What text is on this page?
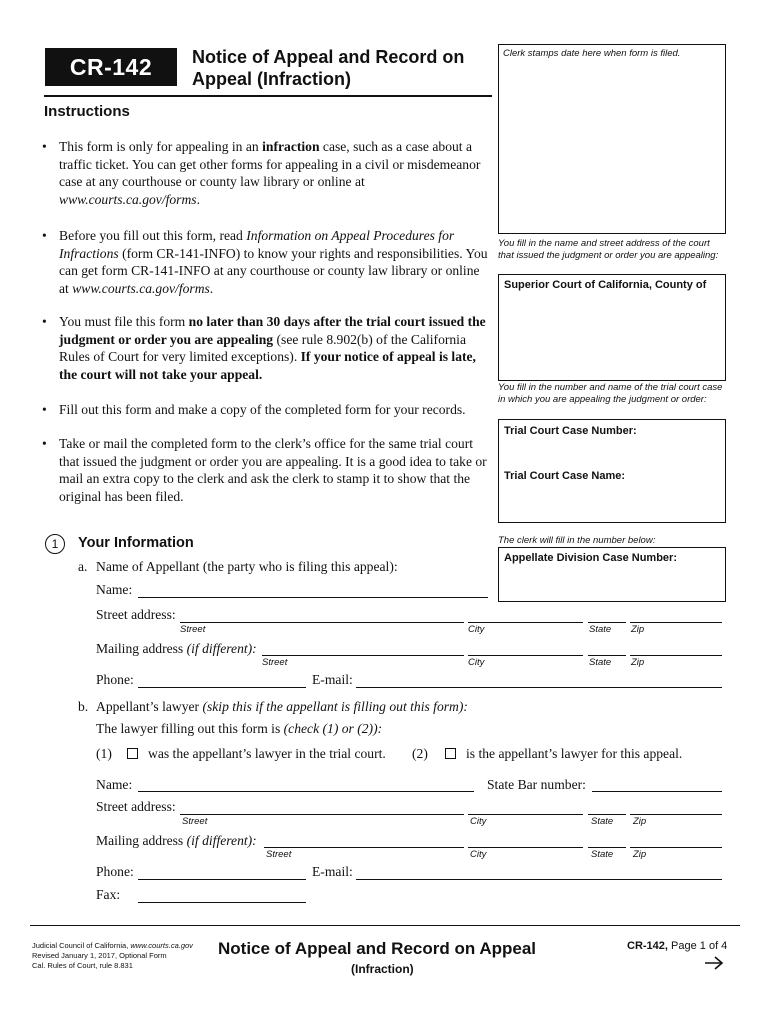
CR-142	Notice of Appeal and Record on Appeal (Infraction)
Clerk stamps date here when form is filed.
You fill in the name and street address of the court that issued the judgment or order you are appealing:
Superior Court of California, County of
You fill in the number and name of the trial court case in which you are appealing the judgment or order:
Trial Court Case Number:
Trial Court Case Name:
The clerk will fill in the number below:
Appellate Division Case Number:
Instructions
• This form is only for appealing in an infraction case, such as a case about a traffic ticket. You can get other forms for appealing in a civil or misdemeanor case at any courthouse or county law library or online at www.courts.ca.gov/forms.
• Before you fill out this form, read Information on Appeal Procedures for Infractions (form CR-141-INFO) to know your rights and responsibilities. You can get form CR-141-INFO at any courthouse or county law library or online at www.courts.ca.gov/forms.
• You must file this form no later than 30 days after the trial court issued the judgment or order you are appealing (see rule 8.902(b) of the California Rules of Court for very limited exceptions). If your notice of appeal is late, the court will not take your appeal.
• Fill out this form and make a copy of the completed form for your records.
• Take or mail the completed form to the clerk’s office for the same trial court that issued the judgment or order you are appealing. It is a good idea to take or mail an extra copy to the clerk and ask the clerk to stamp it to show that the original has been filed.
1	Your Information
a. Name of Appellant (the party who is filing this appeal):
Name:
Street address:
Street	City	State Zip
Mailing address (if different):
Street	City	State Zip
Phone:	E-mail:
b. Appellant’s lawyer (skip this if the appellant is filling out this form):
The lawyer filling out this form is (check (1) or (2)):
(1)	was the appellant’s lawyer in the trial court. (2)	is the appellant’s lawyer for this appeal.
Name:	State Bar number:
Street address:
Street	City	State Zip
Mailing address (if different):
Street	City	State Zip
Phone:	E-mail:
Fax:
Judicial Council of California, www.courts.ca.gov
Revised January 1, 2017, Optional Form
Cal. Rules of Court, rule 8.831
Notice of Appeal and Record on Appeal
(Infraction)
CR-142, Page 1 of 4
